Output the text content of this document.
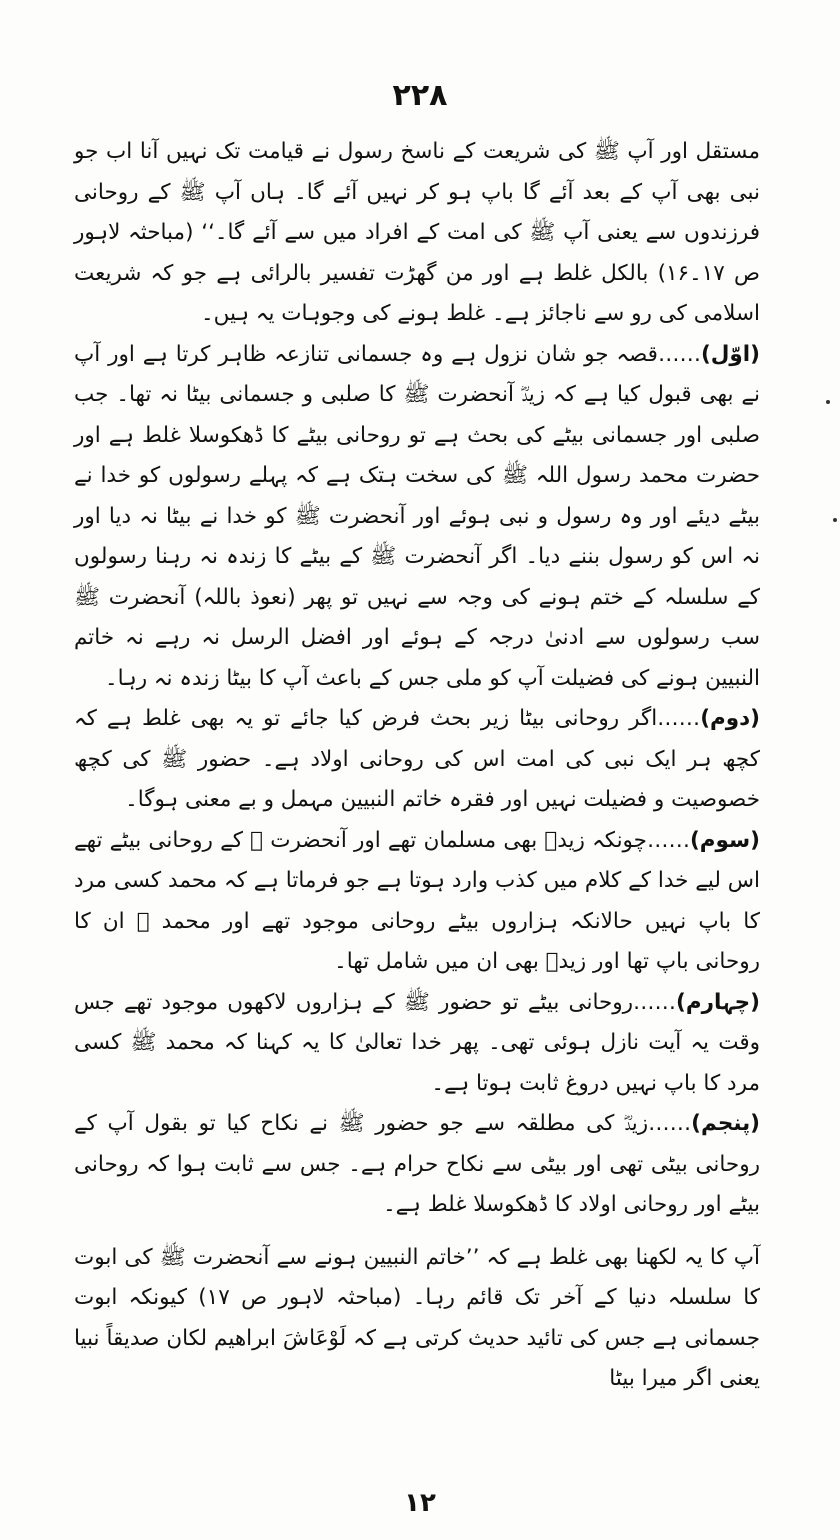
۲۲۸

مستقل اور آپ ﷺ کی شریعت کے ناسخ رسول نے قیامت تک نہیں آنا اب جو نبی بھی آپ کے بعد آئے گا باپ ہو کر نہیں آئے گا۔ ہاں آپ ﷺ کے روحانی فرزندوں سے یعنی آپ ﷺ کی امت کے افراد میں سے آئے گا۔‘‘ (مباحثہ لاہور ص ۱۷۔۱۶) بالکل غلط ہے اور من گھڑت تفسیر بالرائی ہے جو کہ شریعت اسلامی کی رو سے ناجائز ہے۔ غلط ہونے کی وجوہات یہ ہیں۔

(اوّل)……قصہ جو شان نزول ہے وہ جسمانی تنازعہ ظاہر کرتا ہے اور آپ نے بھی قبول کیا ہے کہ زیدؓ آنحضرت ﷺ کا صلبی و جسمانی بیٹا نہ تھا۔ جب صلبی اور جسمانی بیٹے کی بحث ہے تو روحانی بیٹے کا ڈھکوسلا غلط ہے اور حضرت محمد رسول اللہ ﷺ کی سخت ہتک ہے کہ پہلے رسولوں کو خدا نے بیٹے دیئے اور وہ رسول و نبی ہوئے اور آنحضرت ﷺ کو خدا نے بیٹا نہ دیا اور نہ اس کو رسول بننے دیا۔ اگر آنحضرت ﷺ کے بیٹے کا زندہ نہ رہنا رسولوں کے سلسلہ کے ختم ہونے کی وجہ سے نہیں تو پھر (نعوذ باللہ) آنحضرت ﷺ سب رسولوں سے ادنیٰ درجہ کے ہوئے اور افضل الرسل نہ رہے نہ خاتم النبیین ہونے کی فضیلت آپ کو ملی جس کے باعث آپ کا بیٹا زندہ نہ رہا۔

(دوم)……اگر روحانی بیٹا زیر بحث فرض کیا جائے تو یہ بھی غلط ہے کہ کچھ ہر ایک نبی کی امت اس کی روحانی اولاد ہے۔ حضور ﷺ کی کچھ خصوصیت و فضیلت نہیں اور فقرہ خاتم النبیین مہمل و بے معنی ہوگا۔

(سوم)……چونکہ زیدؓ بھی مسلمان تھے اور آنحضرت ﷺ کے روحانی بیٹے تھے اس لیے خدا کے کلام میں کذب وارد ہوتا ہے جو فرماتا ہے کہ محمد کسی مرد کا باپ نہیں حالانکہ ہزاروں بیٹے روحانی موجود تھے اور محمد ﷺ ان کا روحانی باپ تھا اور زیدؓ بھی ان میں شامل تھا۔

(چہارم)……روحانی بیٹے تو حضور ﷺ کے ہزاروں لاکھوں موجود تھے جس وقت یہ آیت نازل ہوئی تھی۔ پھر خدا تعالیٰ کا یہ کہنا کہ محمد ﷺ کسی مرد کا باپ نہیں دروغ ثابت ہوتا ہے۔

(پنجم)……زیدؓ کی مطلقہ سے جو حضور ﷺ نے نکاح کیا تو بقول آپ کے روحانی بیٹی تھی اور بیٹی سے نکاح حرام ہے۔ جس سے ثابت ہوا کہ روحانی بیٹے اور روحانی اولاد کا ڈھکوسلا غلط ہے۔

آپ کا یہ لکھنا بھی غلط ہے کہ ’’خاتم النبیین ہونے سے آنحضرت ﷺ کی ابوت کا سلسلہ دنیا کے آخر تک قائم رہا۔ (مباحثہ لاہور ص ۱۷) کیونکہ ابوت جسمانی ہے جس کی تائید حدیث کرتی ہے کہ لَوْعَاشَ ابراھیم لکان صدیقاً نبیا یعنی اگر میرا بیٹا

۱۲
